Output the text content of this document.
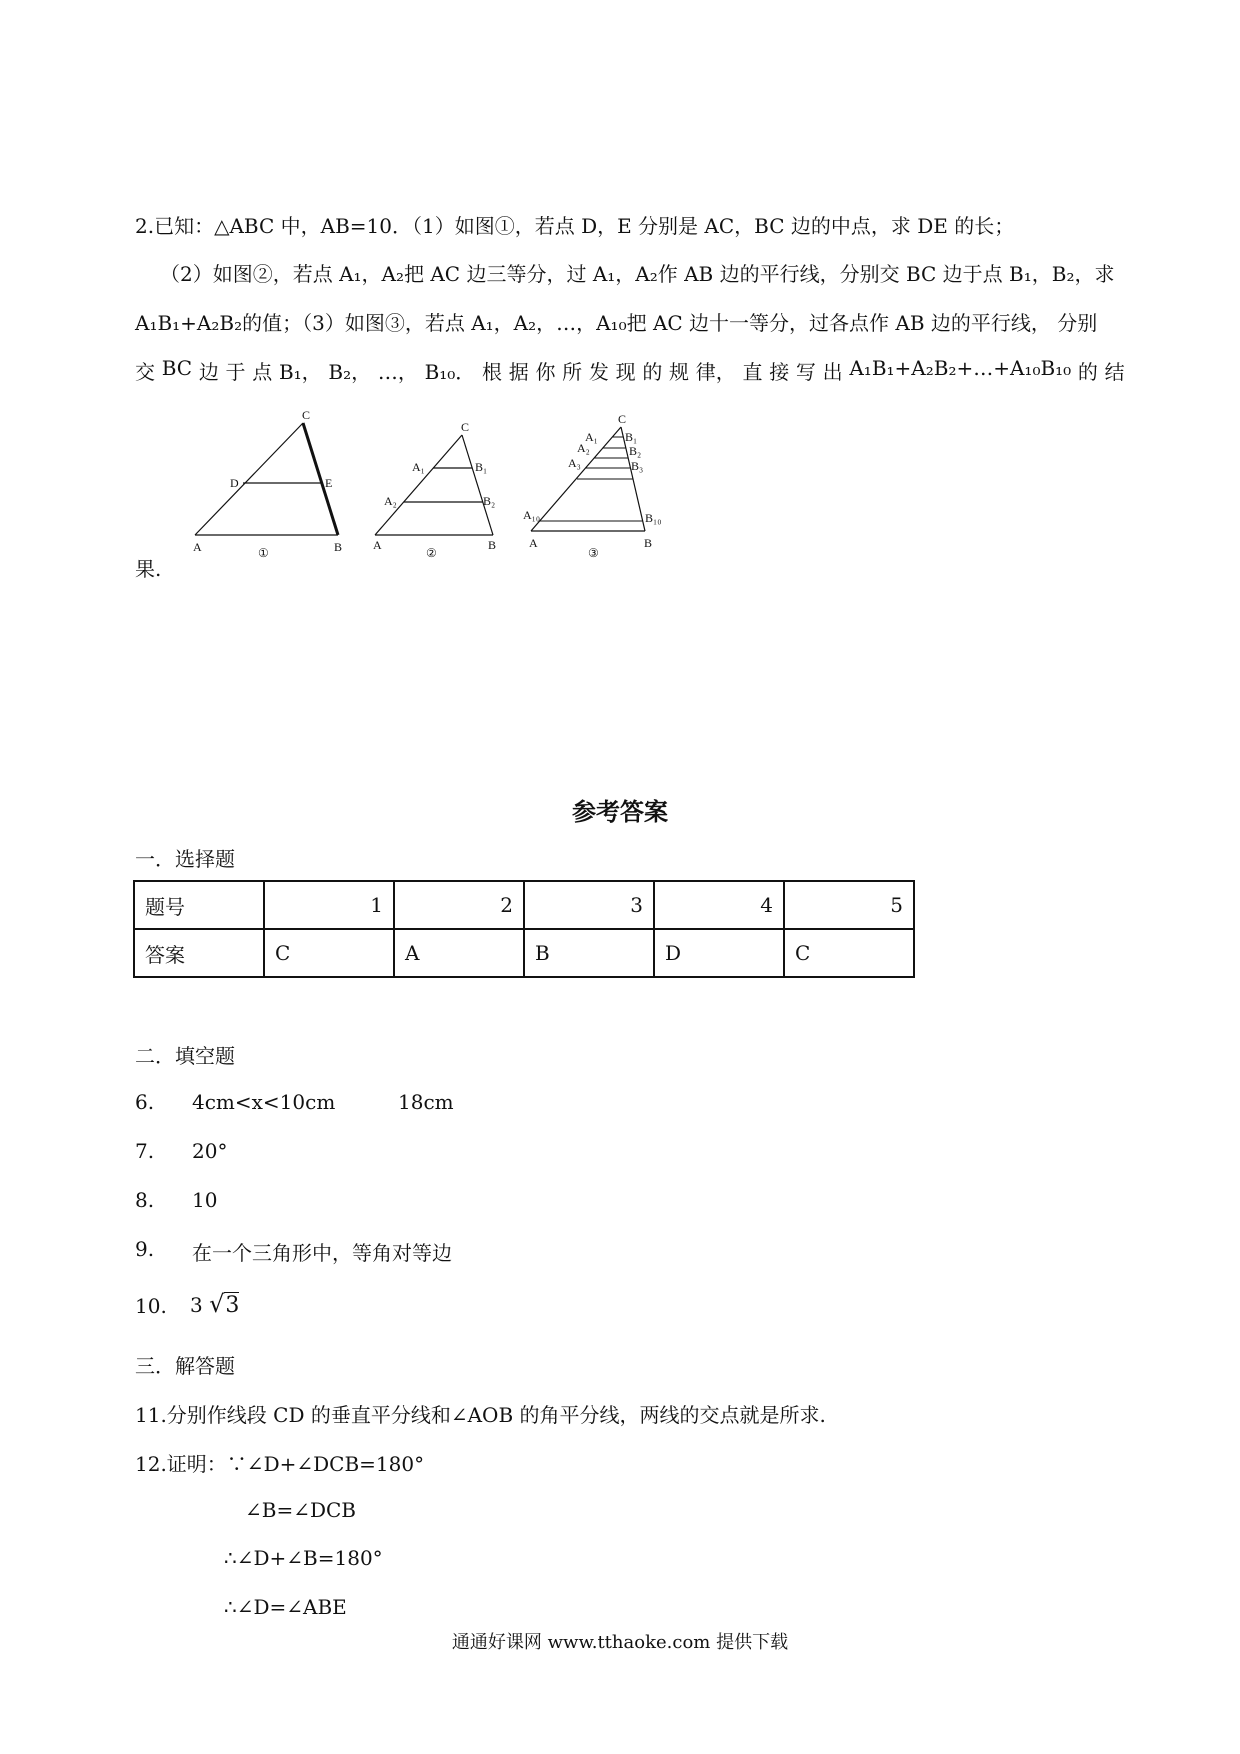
2.已知：△ABC 中，AB=10．（1）如图①，若点 D，E 分别是 AC，BC 边的中点，求 DE 的长；
（2）如图②，若点 A₁，A₂把 AC 边三等分，过 A₁，A₂作 AB 边的平行线，分别交 BC 边于点 B₁，B₂，求
A₁B₁+A₂B₂的值；（3）如图③，若点 A₁，A₂，…，A₁₀把 AC 边十一等分，过各点作 AB 边的平行线， 分别
交 BC 边 于 点 B₁， B₂， …， B₁₀． 根 据 你 所 发 现 的 规 律， 直 接 写 出 A₁B₁+A₂B₂+…+A₁₀B₁₀ 的 结
果.
C
D	E
A	B
①
C
A₁	B₁
A₂	B₂
A	B
②
C
A₁ B₁
A₂	B₂
A₃	B₃
A₁₀	B₁₀
A	B
③
参考答案
一．选择题
题号	1	2	3	4	5
答案	C	A	B	D	C
二．填空题
6. 4cm<x<10cm	18cm
7. 20°
8. 10
9. 在一个三角形中，等角对等边
10. 3 √3
三．解答题
11.分别作线段 CD 的垂直平分线和∠AOB 的角平分线，两线的交点就是所求.
12.证明：∵∠D+∠DCB=180°
∠B=∠DCB
∴∠D+∠B=180°
∴∠D=∠ABE
通通好课网 www.tthaoke.com 提供下载
